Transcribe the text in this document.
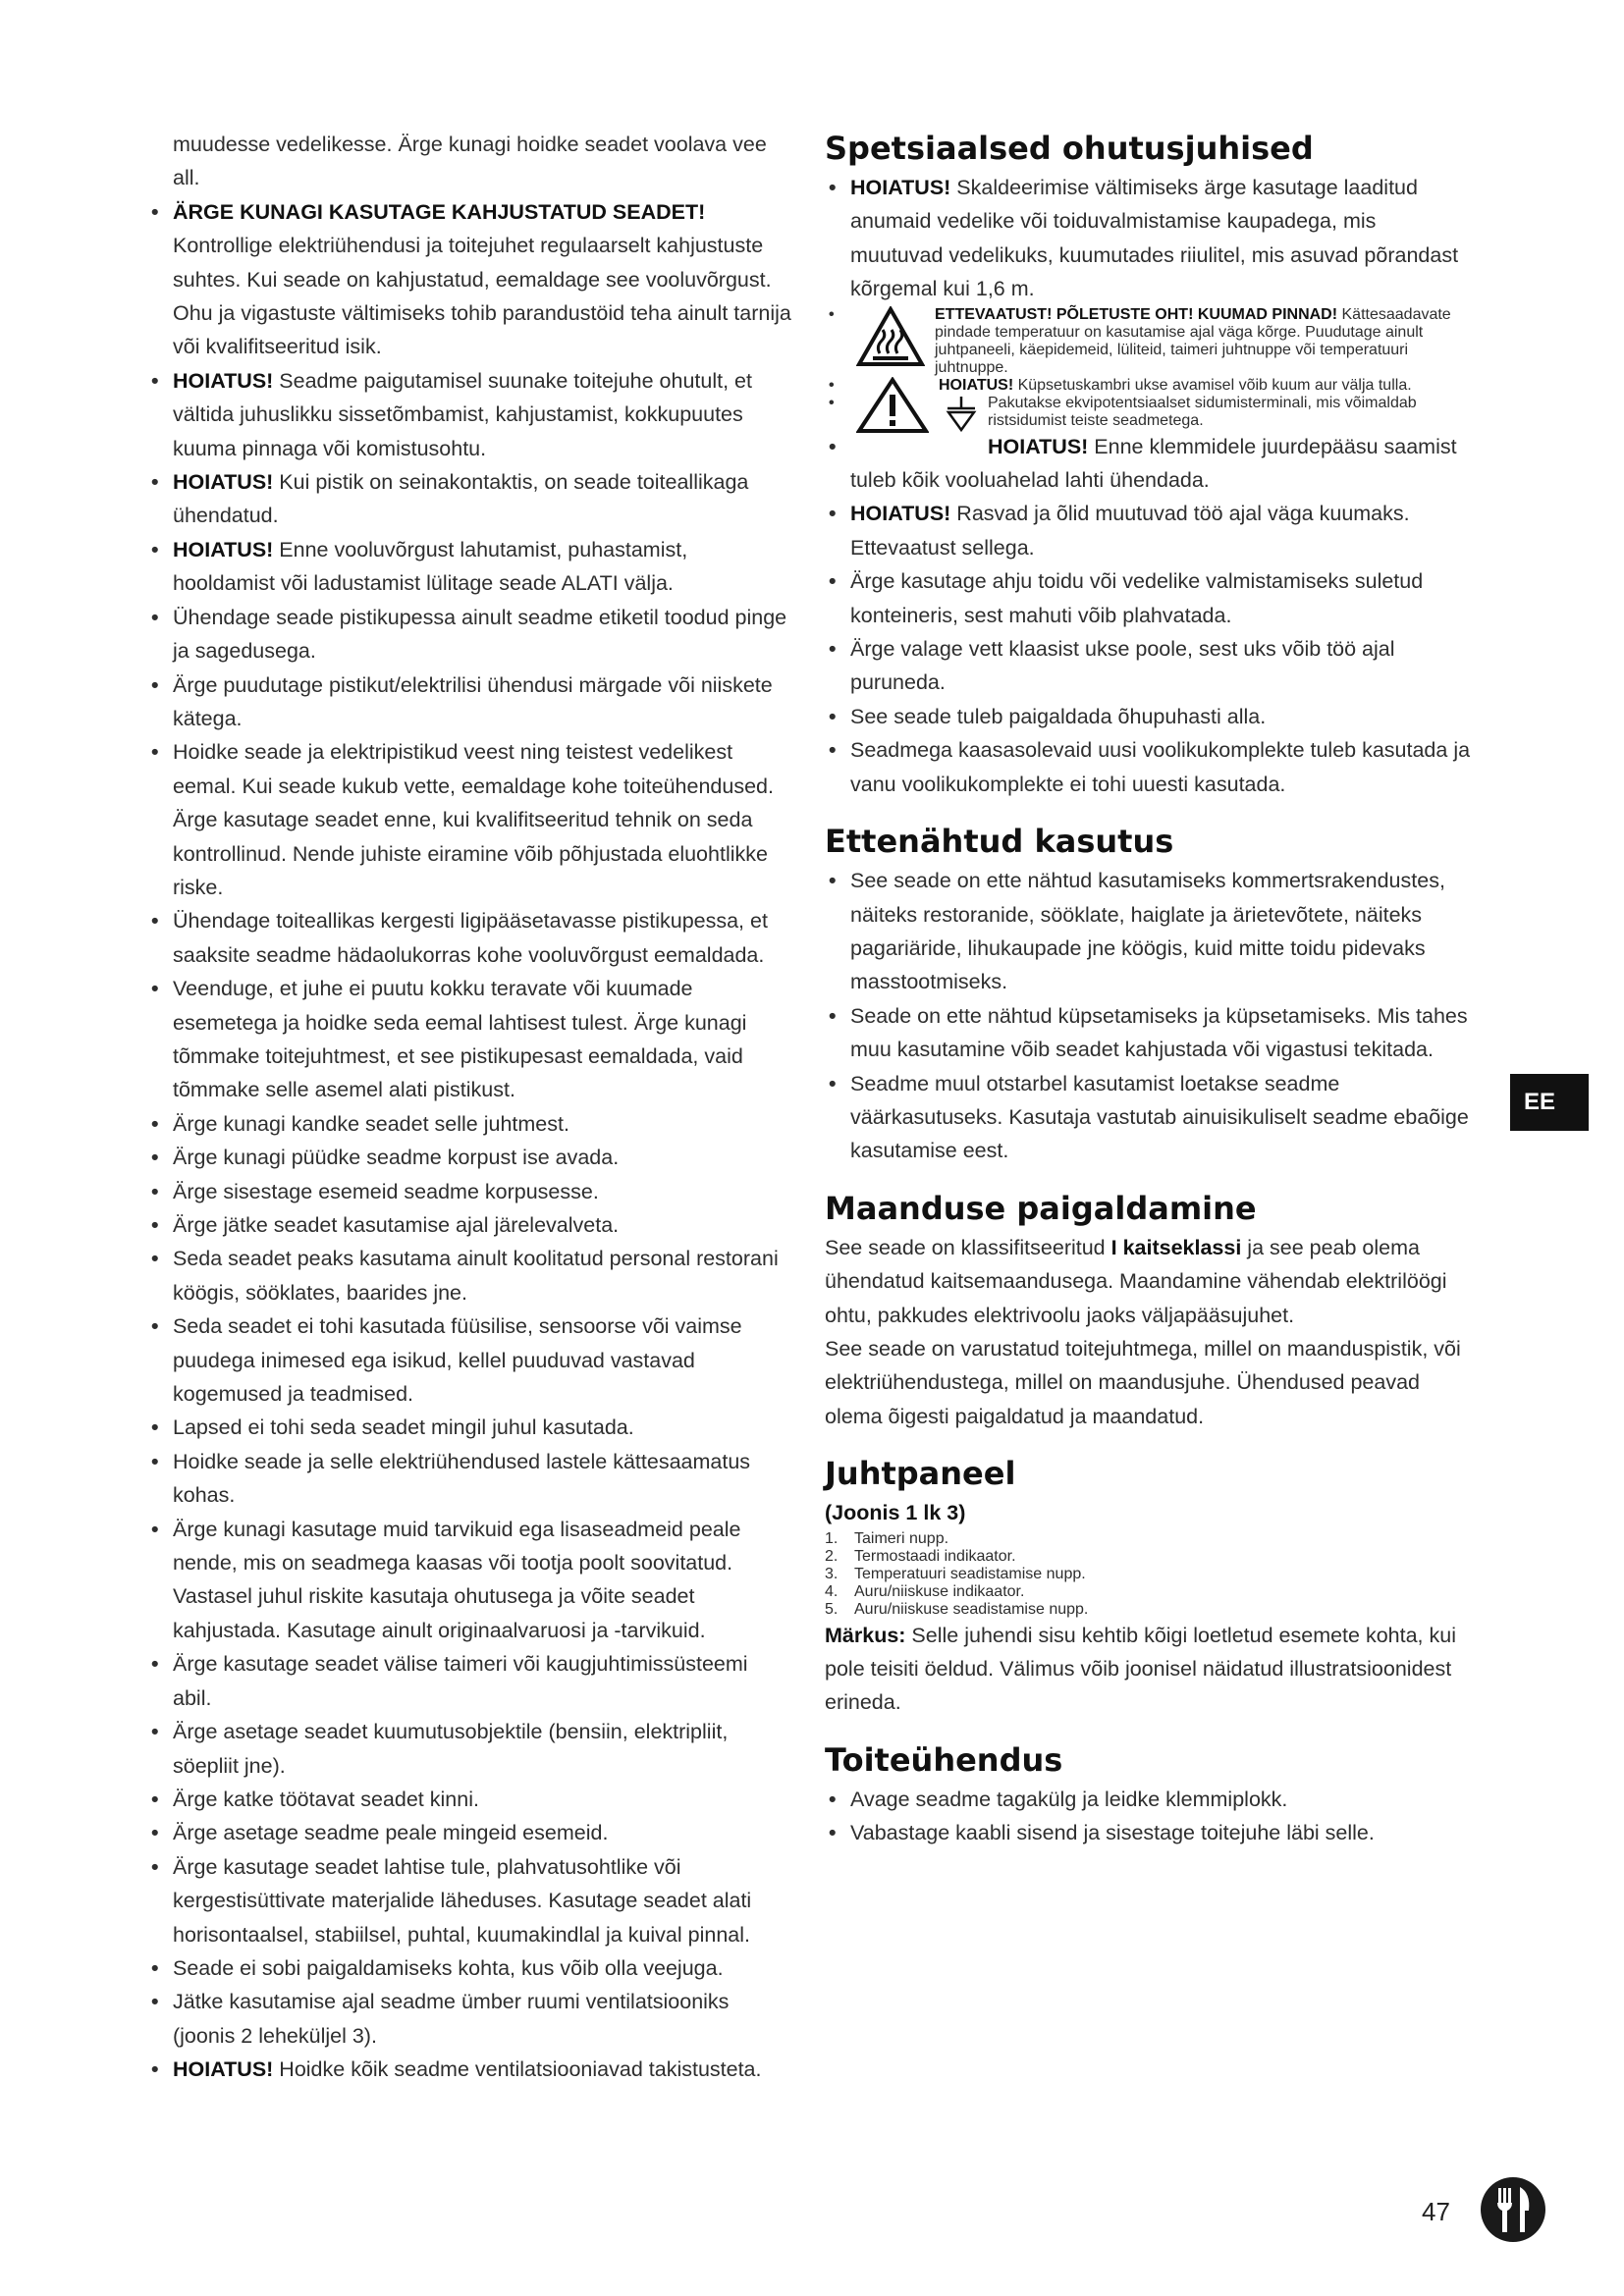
muudesse vedelikesse. Ärge kunagi hoidke seadet voolava vee all.

• ÄRGE KUNAGI KASUTAGE KAHJUSTATUD SEADET! Kontrollige elektriühendusi ja toitejuhet regulaarselt kahjustuste suhtes. Kui seade on kahjustatud, eemaldage see vooluvõrgust. Ohu ja vigastuste vältimiseks tohib parandustöid teha ainult tarnija või kvalifitseeritud isik.
• HOIATUS! Seadme paigutamisel suunake toitejuhe ohutult, et vältida juhuslikku sissetõmbamist, kahjustamist, kokkupuutes kuuma pinnaga või komistusohtu.
• HOIATUS! Kui pistik on seinakontaktis, on seade toiteallikaga ühendatud.
• HOIATUS! Enne vooluvõrgust lahutamist, puhastamist, hooldamist või ladustamist lülitage seade ALATI välja.
• Ühendage seade pistikupessa ainult seadme etiketil toodud pinge ja sagedusega.
• Ärge puudutage pistikut/elektrilisi ühendusi märgade või niiskete kätega.
• Hoidke seade ja elektripistikud veest ning teistest vedelikest eemal. Kui seade kukub vette, eemaldage kohe toiteühendused. Ärge kasutage seadet enne, kui kvalifitseeritud tehnik on seda kontrollinud. Nende juhiste eiramine võib põhjustada eluohtlikke riske.
• Ühendage toiteallikas kergesti ligipääsetavasse pistikupessa, et saaksite seadme hädaolukorras kohe vooluvõrgust eemaldada.
• Veenduge, et juhe ei puutu kokku teravate või kuumade esemetega ja hoidke seda eemal lahtisest tulest. Ärge kunagi tõmmake toitejuhtmest, et see pistikupesast eemaldada, vaid tõmmake selle asemel alati pistikust.
• Ärge kunagi kandke seadet selle juhtmest.
• Ärge kunagi püüdke seadme korpust ise avada.
• Ärge sisestage esemeid seadme korpusesse.
• Ärge jätke seadet kasutamise ajal järelevalveta.
• Seda seadet peaks kasutama ainult koolitatud personal restorani köögis, sööklates, baarides jne.
• Seda seadet ei tohi kasutada füüsilise, sensoorse või vaimse puudega inimesed ega isikud, kellel puuduvad vastavad kogemused ja teadmised.
• Lapsed ei tohi seda seadet mingil juhul kasutada.
• Hoidke seade ja selle elektriühendused lastele kättesaamatus kohas.
• Ärge kunagi kasutage muid tarvikuid ega lisaseadmeid peale nende, mis on seadmega kaasas või tootja poolt soovitatud. Vastasel juhul riskite kasutaja ohutusega ja võite seadet kahjustada. Kasutage ainult originaalvaruosi ja -tarvikuid.
• Ärge kasutage seadet välise taimeri või kaugjuhtimissüsteemi abil.
• Ärge asetage seadet kuumutusobjektile (bensiin, elektripliit, söepliit jne).
• Ärge katke töötavat seadet kinni.
• Ärge asetage seadme peale mingeid esemeid.
• Ärge kasutage seadet lahtise tule, plahvatusohtlike või kergestisüttivate materjalide läheduses. Kasutage seadet alati horisontaalsel, stabiilsel, puhtal, kuumakindlal ja kuival pinnal.
• Seade ei sobi paigaldamiseks kohta, kus võib olla veejuga.
• Jätke kasutamise ajal seadme ümber ruumi ventilatsiooniks (joonis 2 leheküljel 3).
• HOIATUS! Hoidke kõik seadme ventilatsiooniavad takistusteta.
Spetsiaalsed ohutusjuhised
• HOIATUS! Skaldeerimise vältimiseks ärge kasutage laaditud anumaid vedelike või toiduvalmistamise kaupadega, mis muutuvad vedelikuks, kuumutades riiulitel, mis asuvad põrandast kõrgemal kui 1,6 m.
•	ETTEVAATUST! PÕLETUSTE OHT! KUUMAD PINNAD! Kättesaadavate pindade temperatuur on kasutamise ajal väga kõrge. Puudutage ainult juhtpaneeli, käepidemeid, lüliteid, taimeri juhtnuppe või temperatuuri juhtnuppe.
•	HOIATUS! Küpsetuskambri ukse avamisel võib kuum aur välja tulla.
•	Pakutakse ekvipotentsiaalset sidumisterminali, mis võimaldab ristsidumist teiste seadmetega.
•	HOIATUS! Enne klemmidele juurdepääsu saamist tuleb kõik vooluahelad lahti ühendada.
• HOIATUS! Rasvad ja õlid muutuvad töö ajal väga kuumaks. Ettevaatust sellega.
• Ärge kasutage ahju toidu või vedelike valmistamiseks suletud konteineris, sest mahuti võib plahvatada.
• Ärge valage vett klaasist ukse poole, sest uks võib töö ajal puruneda.
• See seade tuleb paigaldada õhupuhasti alla.
• Seadmega kaasasolevaid uusi voolikukomplekte tuleb kasutada ja vanu voolikukomplekte ei tohi uuesti kasutada.
Ettenähtud kasutus
• See seade on ette nähtud kasutamiseks kommertsrakendustes, näiteks restoranide, sööklate, haiglate ja ärietevõtete, näiteks pagariäride, lihukaupade jne köögis, kuid mitte toidu pidevaks masstootmiseks.
• Seade on ette nähtud küpsetamiseks ja küpsetamiseks. Mis tahes muu kasutamine võib seadet kahjustada või vigastusi tekitada.
• Seadme muul otstarbel kasutamist loetakse seadme väärkasutuseks. Kasutaja vastutab ainuisikuliselt seadme ebaõige kasutamise eest.
Maanduse paigaldamine

See seade on klassifitseeritud I kaitseklassi ja see peab olema ühendatud kaitsemaandusega. Maandamine vähendab elektrilöögi ohtu, pakkudes elektrivoolu jaoks väljapääsujuhet.

See seade on varustatud toitejuhtmega, millel on maanduspistik, või elektriühendustega, millel on maandusjuhe. Ühendused peavad olema õigesti paigaldatud ja maandatud.

Juhtpaneel

(Joonis 1 lk 3)

1. Taimeri nupp.
2. Termostaadi indikaator.
3. Temperatuuri seadistamise nupp.
4. Auru/niiskuse indikaator.
5. Auru/niiskuse seadistamise nupp.

Märkus: Selle juhendi sisu kehtib kõigi loetletud esemete kohta, kui pole teisiti öeldud. Välimus võib joonisel näidatud illustratsioonidest erineda.

Toiteühendus
• Avage seadme tagakülg ja leidke klemmiplokk.
• Vabastage kaabli sisend ja sisestage toitejuhe läbi selle.
EE
47
